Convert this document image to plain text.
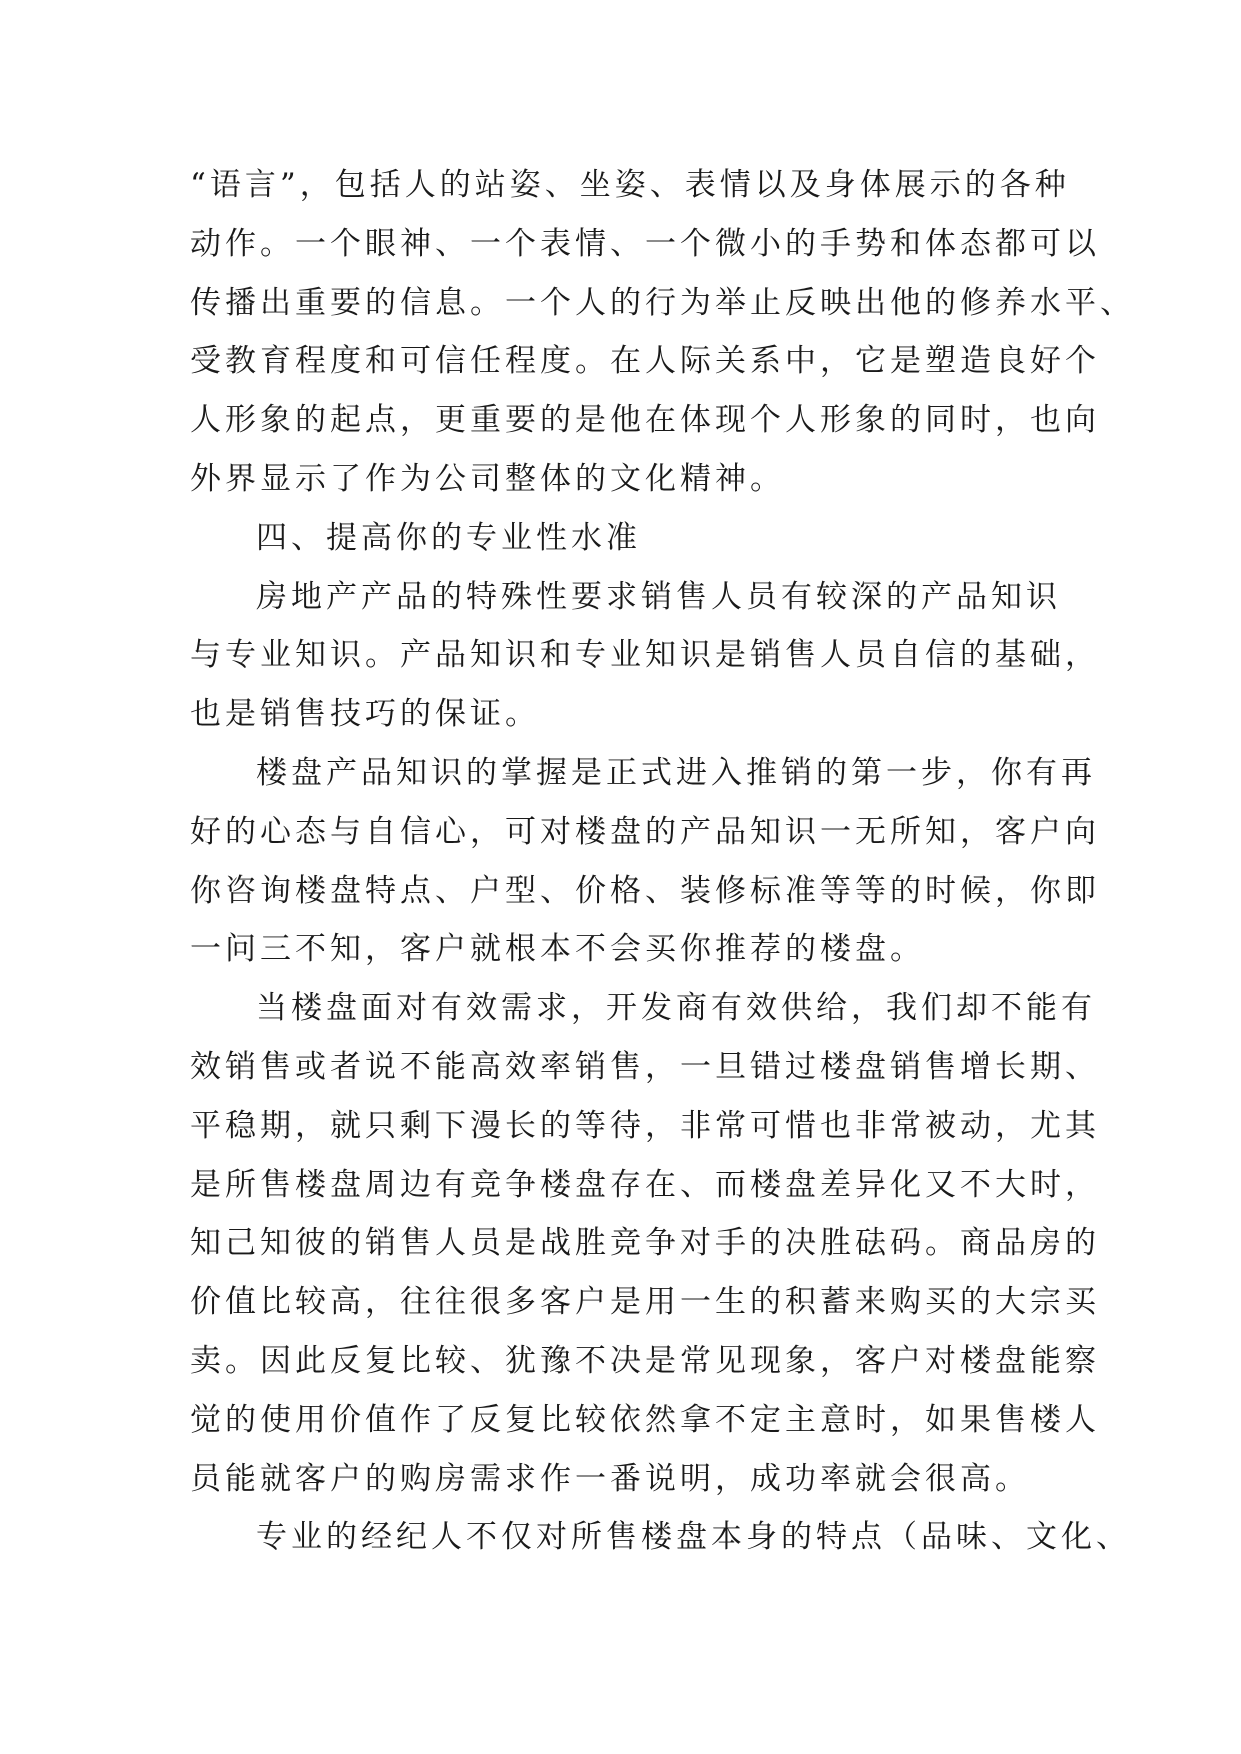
“语言”，包括人的站姿、坐姿、表情以及身体展示的各种
动作。一个眼神、一个表情、一个微小的手势和体态都可以
传播出重要的信息。一个人的行为举止反映出他的修养水平、
受教育程度和可信任程度。在人际关系中，它是塑造良好个
人形象的起点，更重要的是他在体现个人形象的同时，也向
外界显示了作为公司整体的文化精神。
四、提高你的专业性水准
房地产产品的特殊性要求销售人员有较深的产品知识
与专业知识。产品知识和专业知识是销售人员自信的基础，
也是销售技巧的保证。
楼盘产品知识的掌握是正式进入推销的第一步，你有再
好的心态与自信心，可对楼盘的产品知识一无所知，客户向
你咨询楼盘特点、户型、价格、装修标准等等的时候，你即
一问三不知，客户就根本不会买你推荐的楼盘。
当楼盘面对有效需求，开发商有效供给，我们却不能有
效销售或者说不能高效率销售，一旦错过楼盘销售增长期、
平稳期，就只剩下漫长的等待，非常可惜也非常被动，尤其
是所售楼盘周边有竞争楼盘存在、而楼盘差异化又不大时，
知己知彼的销售人员是战胜竞争对手的决胜砝码。商品房的
价值比较高，往往很多客户是用一生的积蓄来购买的大宗买
卖。因此反复比较、犹豫不决是常见现象，客户对楼盘能察
觉的使用价值作了反复比较依然拿不定主意时，如果售楼人
员能就客户的购房需求作一番说明，成功率就会很高。
专业的经纪人不仅对所售楼盘本身的特点（品味、文化、
